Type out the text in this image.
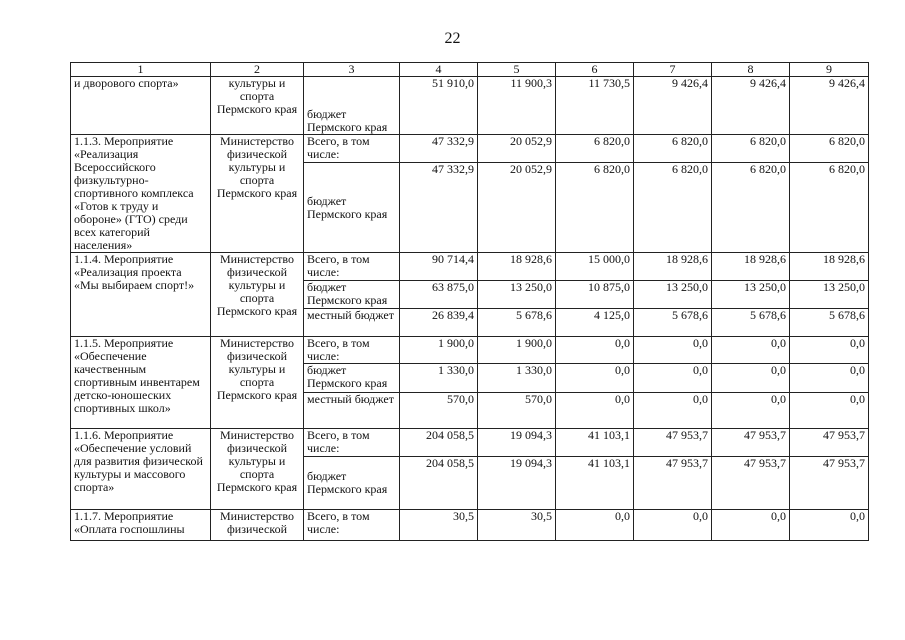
22
1	2	3	4	5	6	7	8	9
и дворового спорта»	культуры и спорта Пермского края	бюджет Пермского края	51 910,0	11 900,3	11 730,5	9 426,4	9 426,4	9 426,4
1.1.3. Мероприятие «Реализация Всероссийского физкультурно-спортивного комплекса «Готов к труду и обороне» (ГТО) среди всех категорий населения»	Министерство физической культуры и спорта Пермского края	Всего, в том числе:	47 332,9	20 052,9	6 820,0	6 820,0	6 820,0	6 820,0
		бюджет Пермского края	47 332,9	20 052,9	6 820,0	6 820,0	6 820,0	6 820,0
1.1.4. Мероприятие «Реализация проекта «Мы выбираем спорт!»	Министерство физической культуры и спорта Пермского края	Всего, в том числе:	90 714,4	18 928,6	15 000,0	18 928,6	18 928,6	18 928,6
		бюджет Пермского края	63 875,0	13 250,0	10 875,0	13 250,0	13 250,0	13 250,0
		местный бюджет	26 839,4	5 678,6	4 125,0	5 678,6	5 678,6	5 678,6
1.1.5. Мероприятие «Обеспечение качественным спортивным инвентарем детско-юношеских спортивных школ»	Министерство физической культуры и спорта Пермского края	Всего, в том числе:	1 900,0	1 900,0	0,0	0,0	0,0	0,0
		бюджет Пермского края	1 330,0	1 330,0	0,0	0,0	0,0	0,0
		местный бюджет	570,0	570,0	0,0	0,0	0,0	0,0
1.1.6. Мероприятие «Обеспечение условий для развития физической культуры и массового спорта»	Министерство физической культуры и спорта Пермского края	Всего, в том числе:	204 058,5	19 094,3	41 103,1	47 953,7	47 953,7	47 953,7
		бюджет Пермского края	204 058,5	19 094,3	41 103,1	47 953,7	47 953,7	47 953,7
1.1.7. Мероприятие «Оплата госпошлины	Министерство физической	Всего, в том числе:	30,5	30,5	0,0	0,0	0,0	0,0
